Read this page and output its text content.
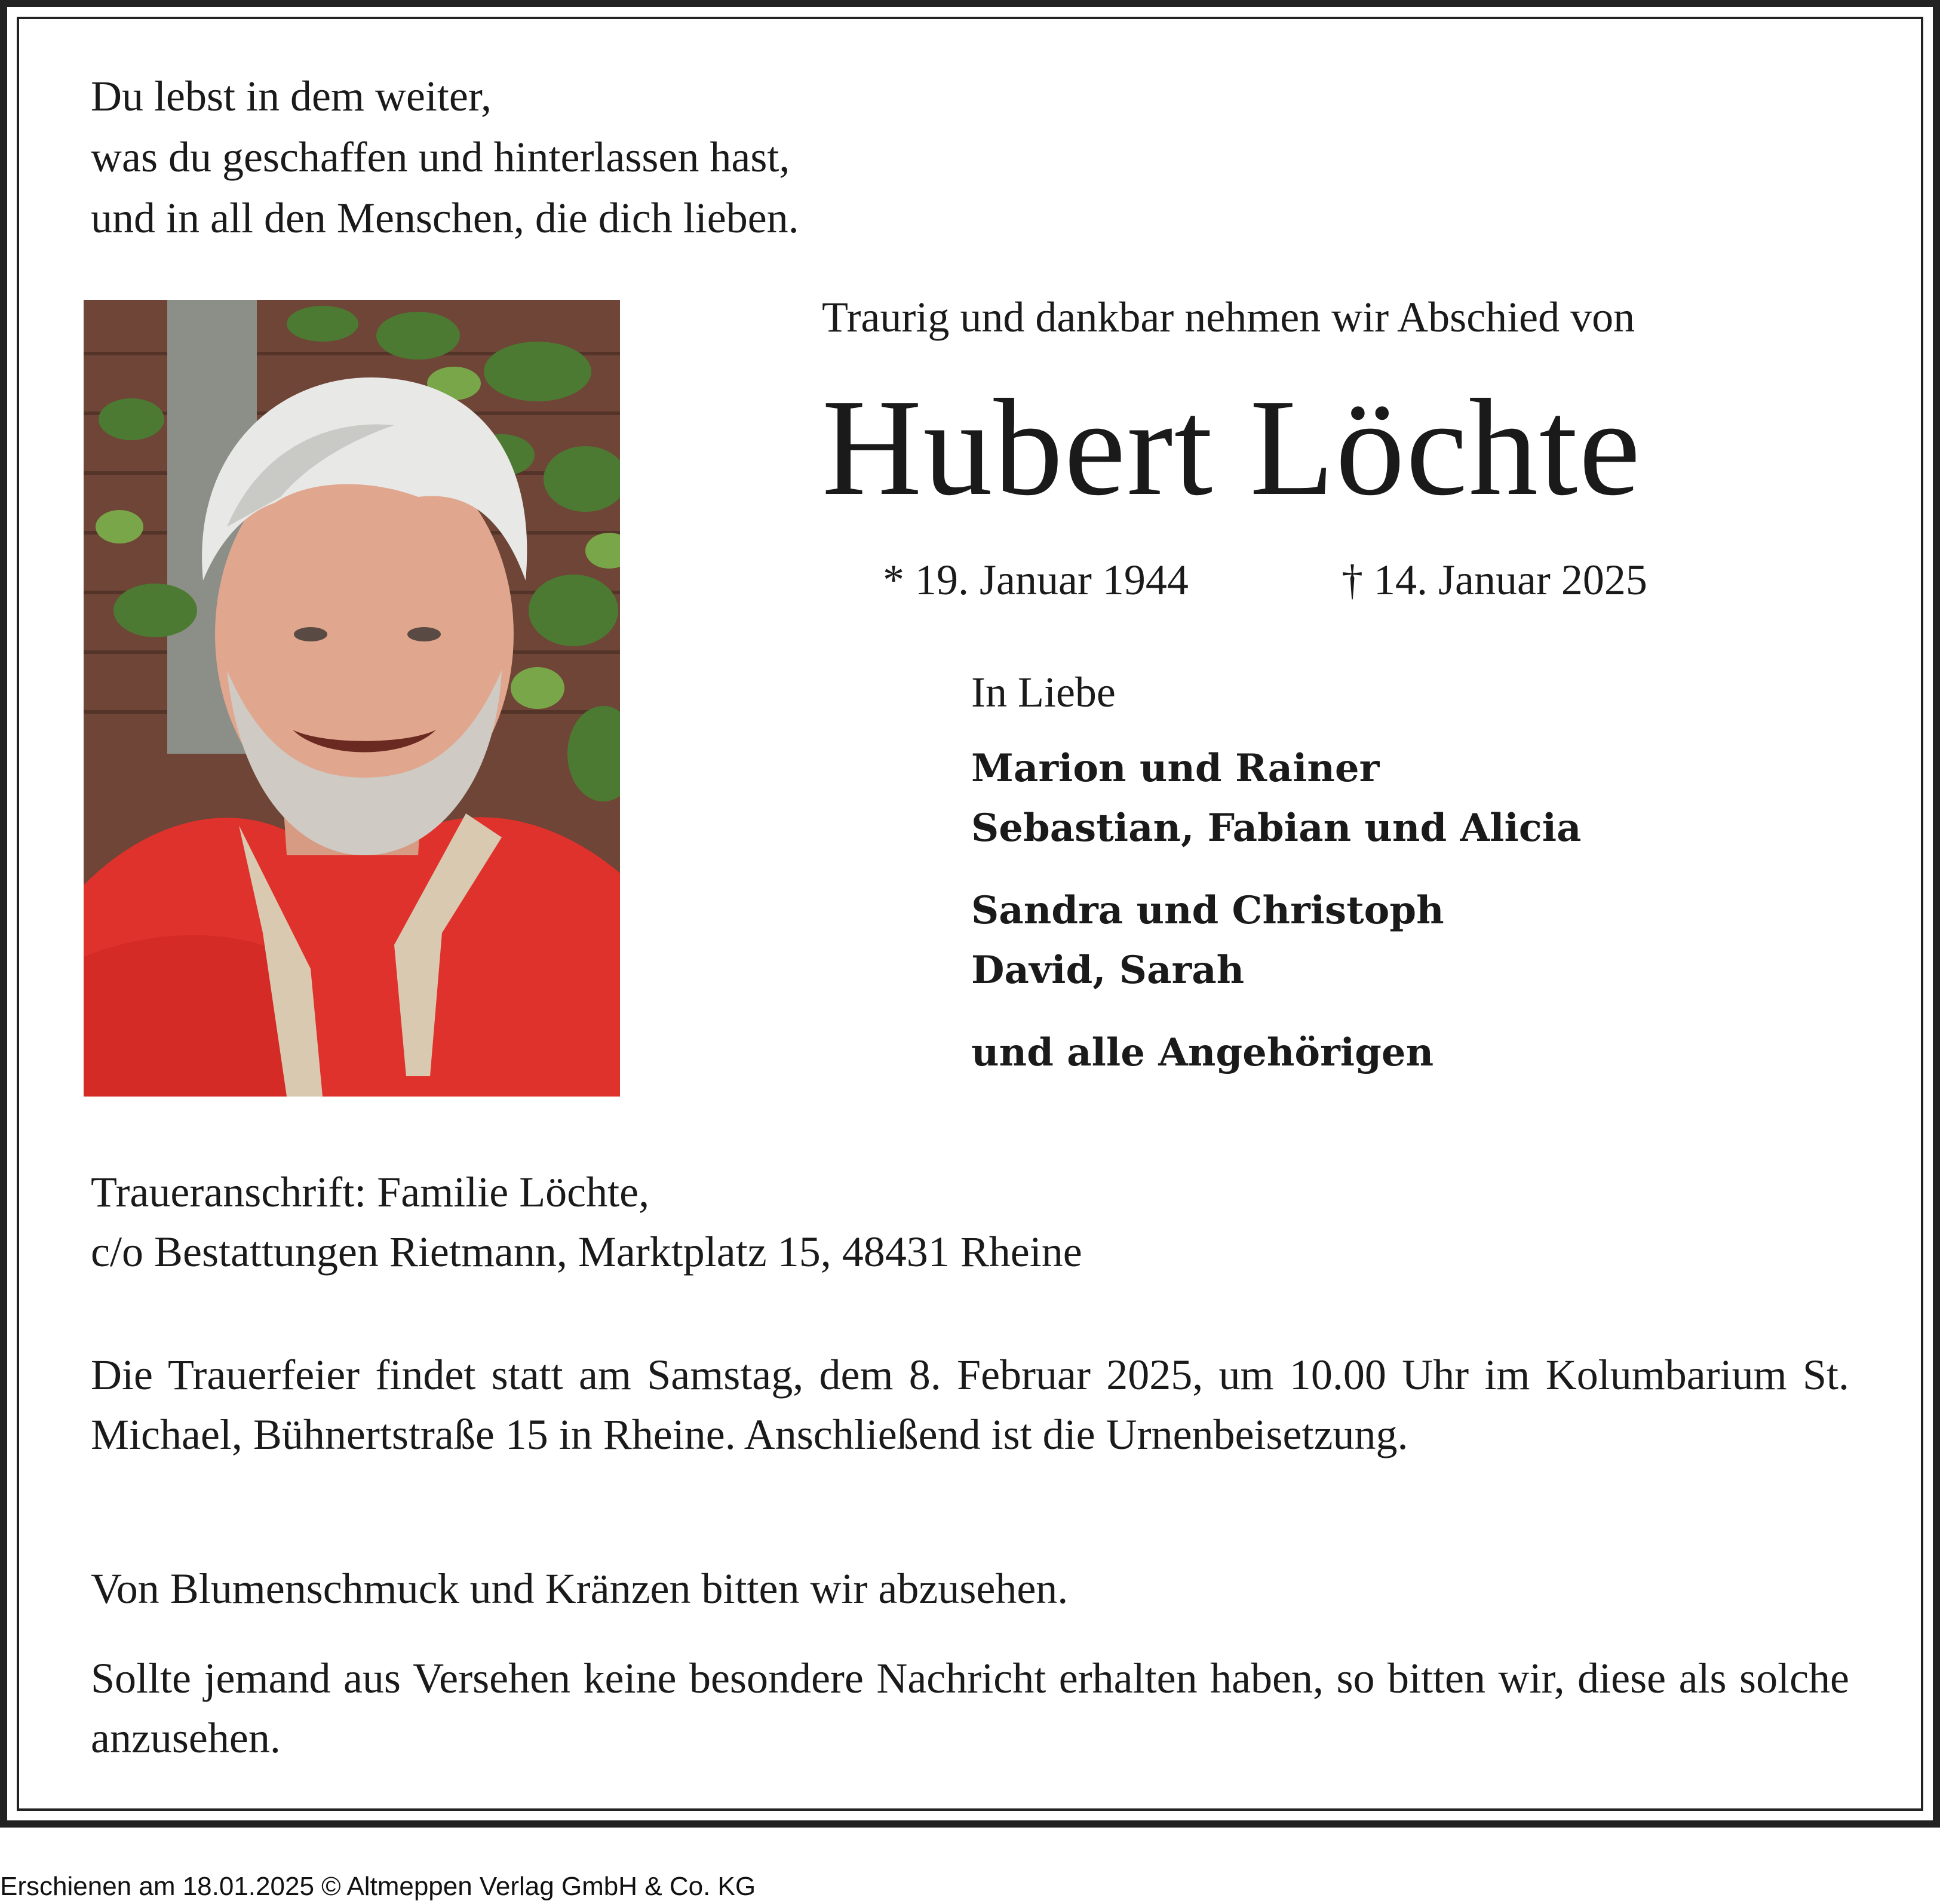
Du lebst in dem weiter,
was du geschaffen und hinterlassen hast,
und in all den Menschen, die dich lieben.
Traurig und dankbar nehmen wir Abschied von
Hubert Löchte
* 19. Januar 1944	† 14. Januar 2025
In Liebe
Marion und Rainer
Sebastian, Fabian und Alicia
Sandra und Christoph
David, Sarah
und alle Angehörigen
Traueranschrift: Familie Löchte,
c/o Bestattungen Rietmann, Marktplatz 15, 48431 Rheine
Die Trauerfeier findet statt am Samstag, dem 8. Februar 2025, um 10.00 Uhr im Kolumbarium St. Michael, Bühnertstraße 15 in Rheine. Anschließend ist die Urnenbeisetzung.
Von Blumenschmuck und Kränzen bitten wir abzusehen.
Sollte jemand aus Versehen keine besondere Nachricht erhalten haben, so bitten wir, diese als solche anzusehen.
Erschienen am 18.01.2025 © Altmeppen Verlag GmbH & Co. KG
